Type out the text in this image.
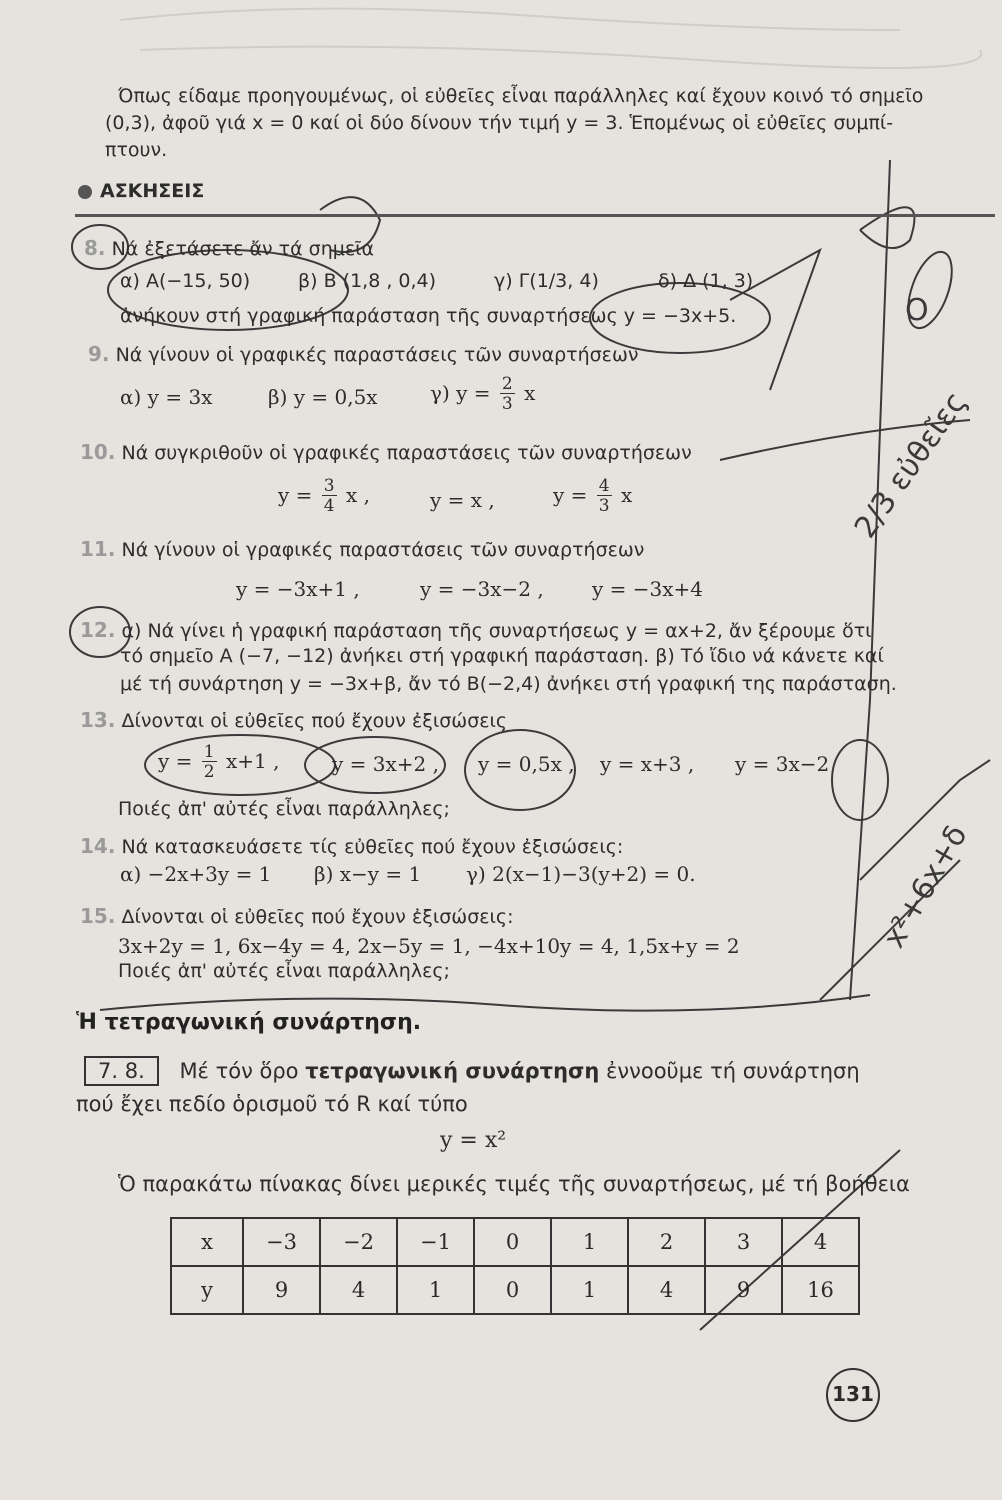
2/3 εὐθεῖες
O
x²+6x+δ
Όπως είδαμε προηγουμένως, οἱ εὐθεῖες εἶναι παράλληλες καί ἔχουν κοινό τό σημεῖο
(0,3), ἀφοῦ γιά x = 0 καί οἱ δύο δίνουν τήν τιμή y = 3. Ἑπομένως οἱ εὐθεῖες συμπί-
πτουν.
ΑΣΚΗΣΕΙΣ
8. Νά ἐξετάσετε ἄν τά σημεῖα
α) Α(−15, 50)	β) Β (1,8 , 0,4)	γ) Γ(1/3, 4)	δ) Δ (1, 3)
ἀνήκουν στή γραφική παράσταση τῆς συναρτήσεως y = −3x+5.
9. Νά γίνουν οἱ γραφικές παραστάσεις τῶν συναρτήσεων
α) y = 3x	β) y = 0,5x	γ) $y = \frac{2}{3}$ x
10. Νά συγκριθοῦν οἱ γραφικές παραστάσεις τῶν συναρτήσεων
$y = \frac{3}{4}$ x ,	y = x ,	$y = \frac{4}{3}$ x
11. Νά γίνουν οἱ γραφικές παραστάσεις τῶν συναρτήσεων
y = −3x+1 ,	y = −3x−2 , y = −3x+4
12. α) Νά γίνει ἡ γραφική παράσταση τῆς συναρτήσεως y = αx+2, ἄν ξέρουμε ὅτι
τό σημεῖο Α (−7, −12) ἀνήκει στή γραφική παράσταση. β) Τό ἴδιο νά κάνετε καί
μέ τή συνάρτηση y = −3x+β, ἄν τό Β(−2,4) ἀνήκει στή γραφική της παράσταση.
13. Δίνονται οἱ εὐθεῖες πού ἔχουν ἐξισώσεις
$y = \frac{1}{2} x+1$ ,	y = 3x+2 , y = 0,5x , y = x+3 , y = 3x−2
Ποιές ἀπ' αὐτές εἶναι παράλληλες;
14. Νά κατασκευάσετε τίς εὐθεῖες πού ἔχουν ἐξισώσεις:
α) −2x+3y = 1 β) x−y = 1 γ) 2(x−1)−3(y+2) = 0.
15. Δίνονται οἱ εὐθεῖες πού ἔχουν ἐξισώσεις:
3x+2y = 1, 6x−4y = 4, 2x−5y = 1, −4x+10y = 4, 1,5x+y = 2
Ποιές ἀπ' αὐτές εἶναι παράλληλες;
Ἡ τετραγωνική συνάρτηση.
7. 8. Μέ τόν ὅρο τετραγωνική συνάρτηση ἐννοοῦμε τή συνάρτηση
πού ἔχει πεδίο ὁρισμοῦ τό R καί τύπο
y = x²
Ὁ παρακάτω πίνακας δίνει μερικές τιμές τῆς συναρτήσεως, μέ τή βοήθεια
x	−3	−2	−1	0	1	2	3	4
y	9	4	1	0	1	4	9	16
131
